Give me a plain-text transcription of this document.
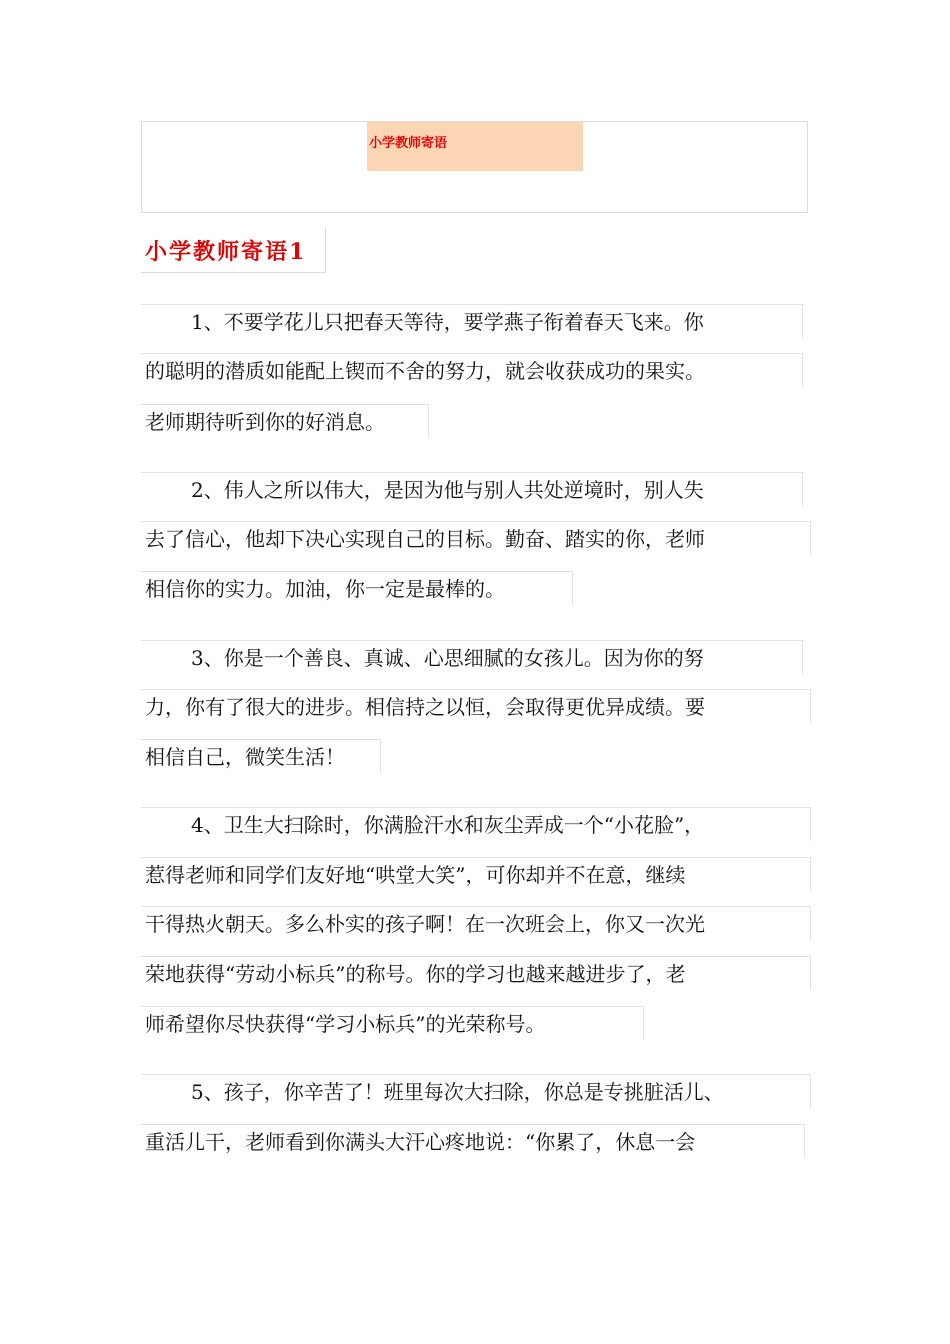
小学教师寄语
小学教师寄语1
1、不要学花儿只把春天等待，要学燕子衔着春天飞来。你
的聪明的潜质如能配上锲而不舍的努力，就会收获成功的果实。
老师期待听到你的好消息。
2、伟人之所以伟大，是因为他与别人共处逆境时，别人失
去了信心，他却下决心实现自己的目标。勤奋、踏实的你，老师
相信你的实力。加油，你一定是最棒的。
3、你是一个善良、真诚、心思细腻的女孩儿。因为你的努
力，你有了很大的进步。相信持之以恒，会取得更优异成绩。要
相信自己，微笑生活！
4、卫生大扫除时，你满脸汗水和灰尘弄成一个“小花脸”，
惹得老师和同学们友好地“哄堂大笑”，可你却并不在意，继续
干得热火朝天。多么朴实的孩子啊！在一次班会上，你又一次光
荣地获得“劳动小标兵”的称号。你的学习也越来越进步了，老
师希望你尽快获得“学习小标兵”的光荣称号。
5、孩子，你辛苦了！班里每次大扫除，你总是专挑脏活儿、
重活儿干，老师看到你满头大汗心疼地说：“你累了，休息一会
